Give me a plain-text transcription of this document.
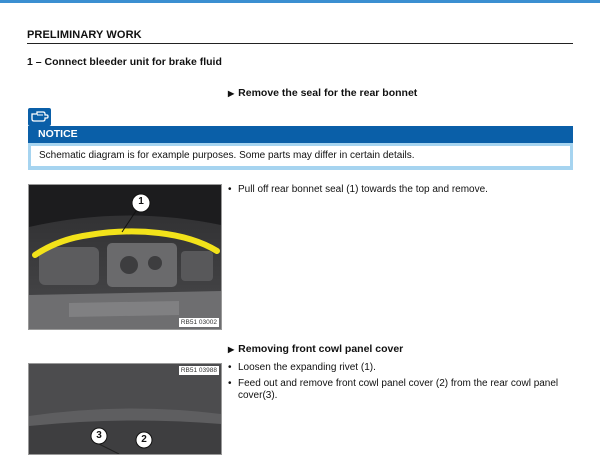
PRELIMINARY WORK
1 – Connect bleeder unit for brake fluid
▶ Remove the seal for the rear bonnet
NOTICE
Schematic diagram is for example purposes. Some parts may differ in certain details.
1
RB51 03002
• Pull off rear bonnet seal (1) towards the top and remove.
▶ Removing front cowl panel cover
3	2
RB51 03988 • Loosen the expanding rivet (1).
• Feed out and remove front cowl panel cover (2) from the rear cowl panel cover(3).
